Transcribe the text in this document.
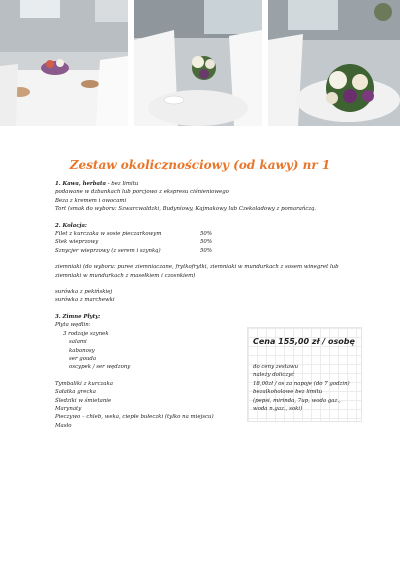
Zestaw okolicznościowy (od kawy) nr 1

1. Kawa, herbata - bez limitu

podawane w dzbankach lub porcjowo z ekspresu ciśnieniowego

Beza z kremem i owocami

Tort (smak do wyboru: Szwarcwaldzki, Budyniowy, Kajmakowy lub Czekoladowy z pomarańczą.

2. Kolacja:

Filet z kurczaka w sosie pieczarkowym	50%
Stek wieprzowy	50%
Sznycjer wieprzowy (z serem i szynką)	50%

ziemniaki (do wyboru: puree ziemniaczane, frytkofrytki, ziemniaki w mundurkach z sosem winegret lub

ziemniaki w mundurkach z masełkiem i czosnkiem)

surówka z pekińskiej

surówka z marchewki

3. Zimne Płyty:

Płyta wędlin:

3 rodzaje szynek

salami

kabanosy

ser gouda

oscypek / ser wędzony

Tymbaliki z kurczaka

Sałatka grecka

Śledziki w śmietanie

Marynaty

Pieczywo – chleb, weka, ciepłe bułeczki (tylko na miejscu)

Masło

Cena 155,00 zł / osobę

do ceny zestawu

należy doliczyć

18,00zł / os za napoje (do 7 godzin)

bezalkoholowe bez limitu

(pepsi, mirinda, 7up, woda gaz.,

woda n.gaz., soki)
